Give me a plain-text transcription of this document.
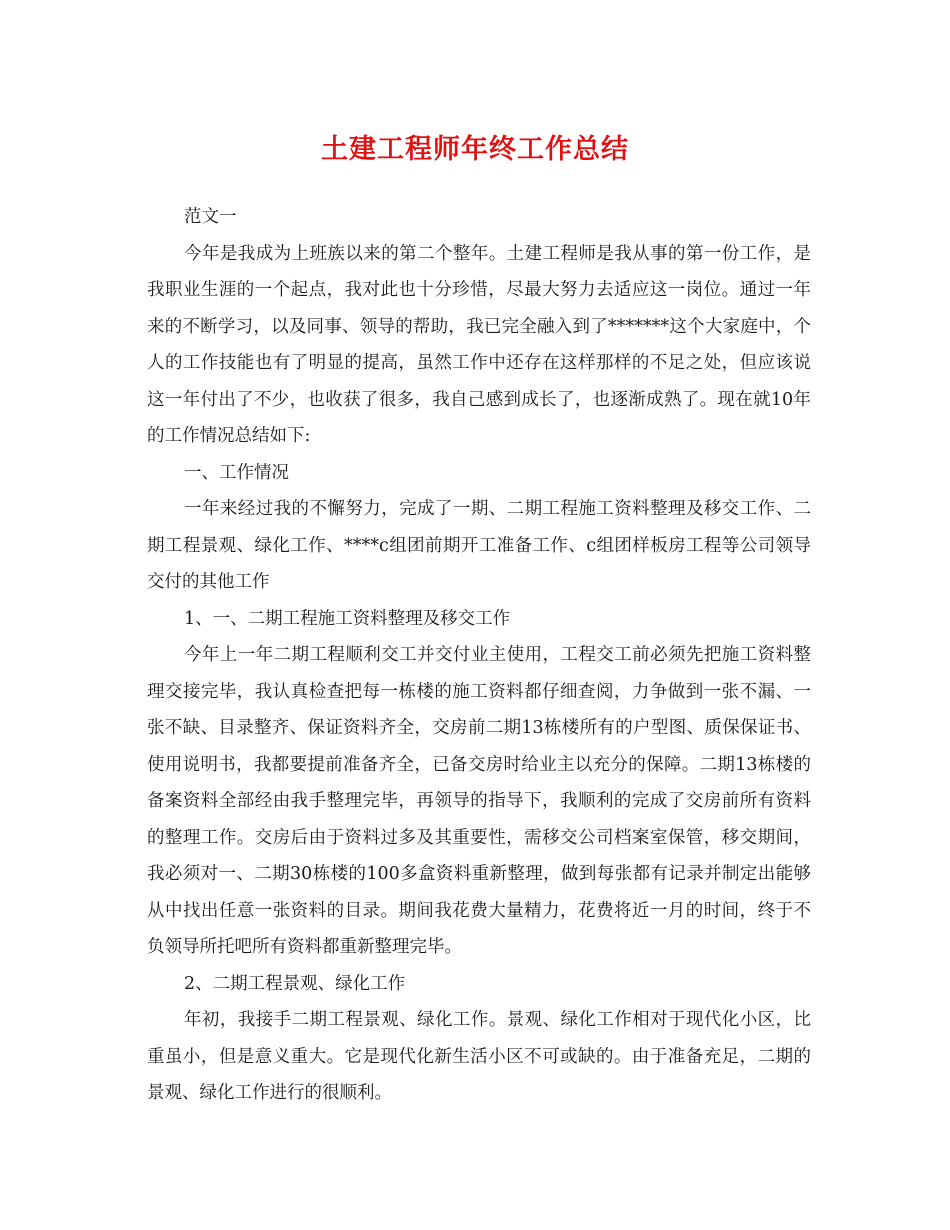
土建工程师年终工作总结

范文一

今年是我成为上班族以来的第二个整年。土建工程师是我从事的第一份工作，是我职业生涯的一个起点，我对此也十分珍惜，尽最大努力去适应这一岗位。通过一年来的不断学习，以及同事、领导的帮助，我已完全融入到了*******这个大家庭中，个人的工作技能也有了明显的提高，虽然工作中还存在这样那样的不足之处，但应该说这一年付出了不少，也收获了很多，我自己感到成长了，也逐渐成熟了。现在就10年的工作情况总结如下:

一、工作情况

一年来经过我的不懈努力，完成了一期、二期工程施工资料整理及移交工作、二期工程景观、绿化工作、****c组团前期开工准备工作、c组团样板房工程等公司领导交付的其他工作

1、一、二期工程施工资料整理及移交工作

今年上一年二期工程顺利交工并交付业主使用，工程交工前必须先把施工资料整理交接完毕，我认真检查把每一栋楼的施工资料都仔细查阅，力争做到一张不漏、一张不缺、目录整齐、保证资料齐全，交房前二期13栋楼所有的户型图、质保保证书、使用说明书，我都要提前准备齐全，已备交房时给业主以充分的保障。二期13栋楼的备案资料全部经由我手整理完毕，再领导的指导下，我顺利的完成了交房前所有资料的整理工作。交房后由于资料过多及其重要性，需移交公司档案室保管，移交期间，我必须对一、二期30栋楼的100多盒资料重新整理，做到每张都有记录并制定出能够从中找出任意一张资料的目录。期间我花费大量精力，花费将近一月的时间，终于不负领导所托吧所有资料都重新整理完毕。

2、二期工程景观、绿化工作

年初，我接手二期工程景观、绿化工作。景观、绿化工作相对于现代化小区，比重虽小，但是意义重大。它是现代化新生活小区不可或缺的。由于准备充足，二期的景观、绿化工作进行的很顺利。
